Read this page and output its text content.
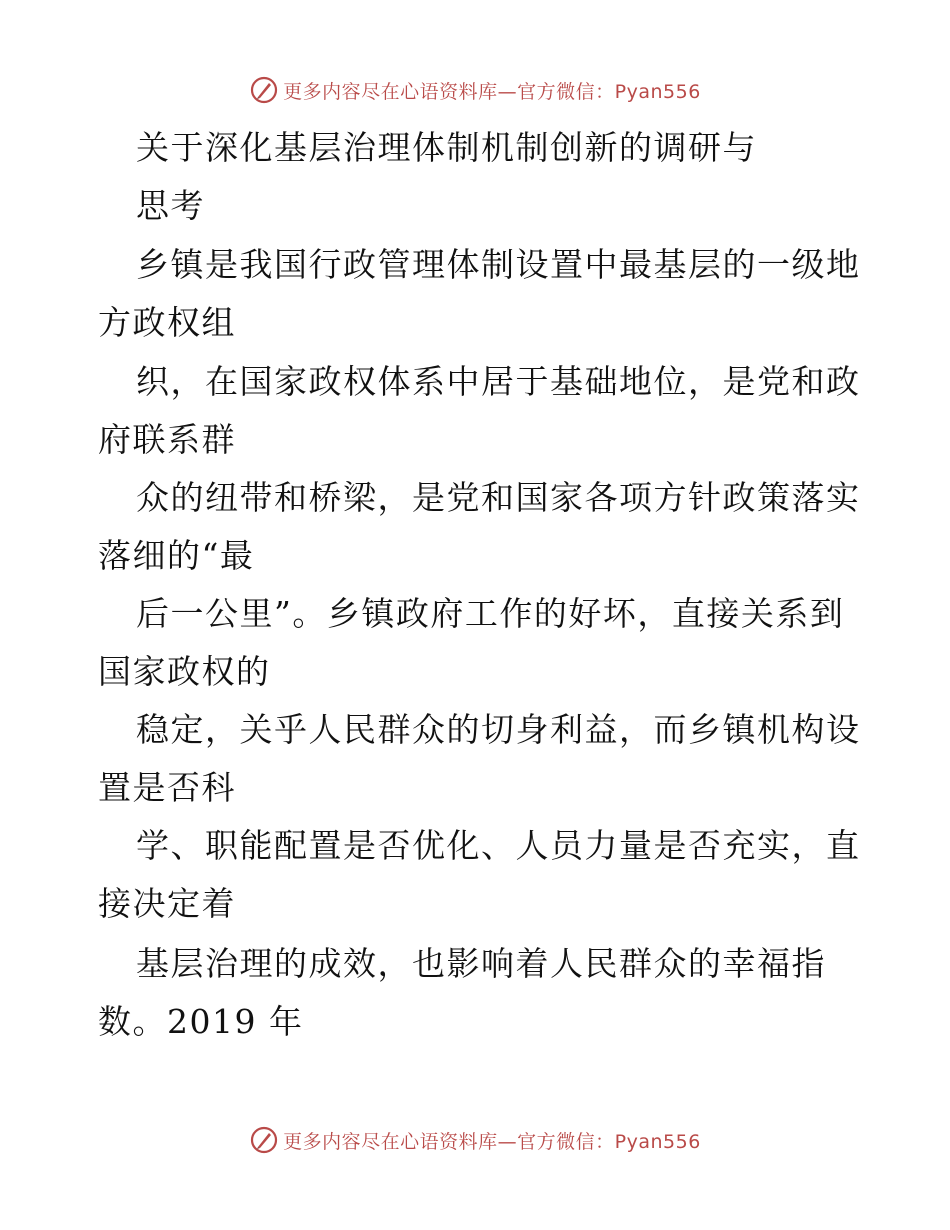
更多内容尽在心语资料库—官方微信：Pyan556
关于深化基层治理体制机制创新的调研与
思考
乡镇是我国行政管理体制设置中最基层的一级地
方政权组
织，在国家政权体系中居于基础地位，是党和政
府联系群
众的纽带和桥梁，是党和国家各项方针政策落实
落细的“最
后一公里”。乡镇政府工作的好坏，直接关系到
国家政权的
稳定，关乎人民群众的切身利益，而乡镇机构设
置是否科
学、职能配置是否优化、人员力量是否充实，直
接决定着
基层治理的成效，也影响着人民群众的幸福指
数。2019 年
更多内容尽在心语资料库—官方微信：Pyan556
